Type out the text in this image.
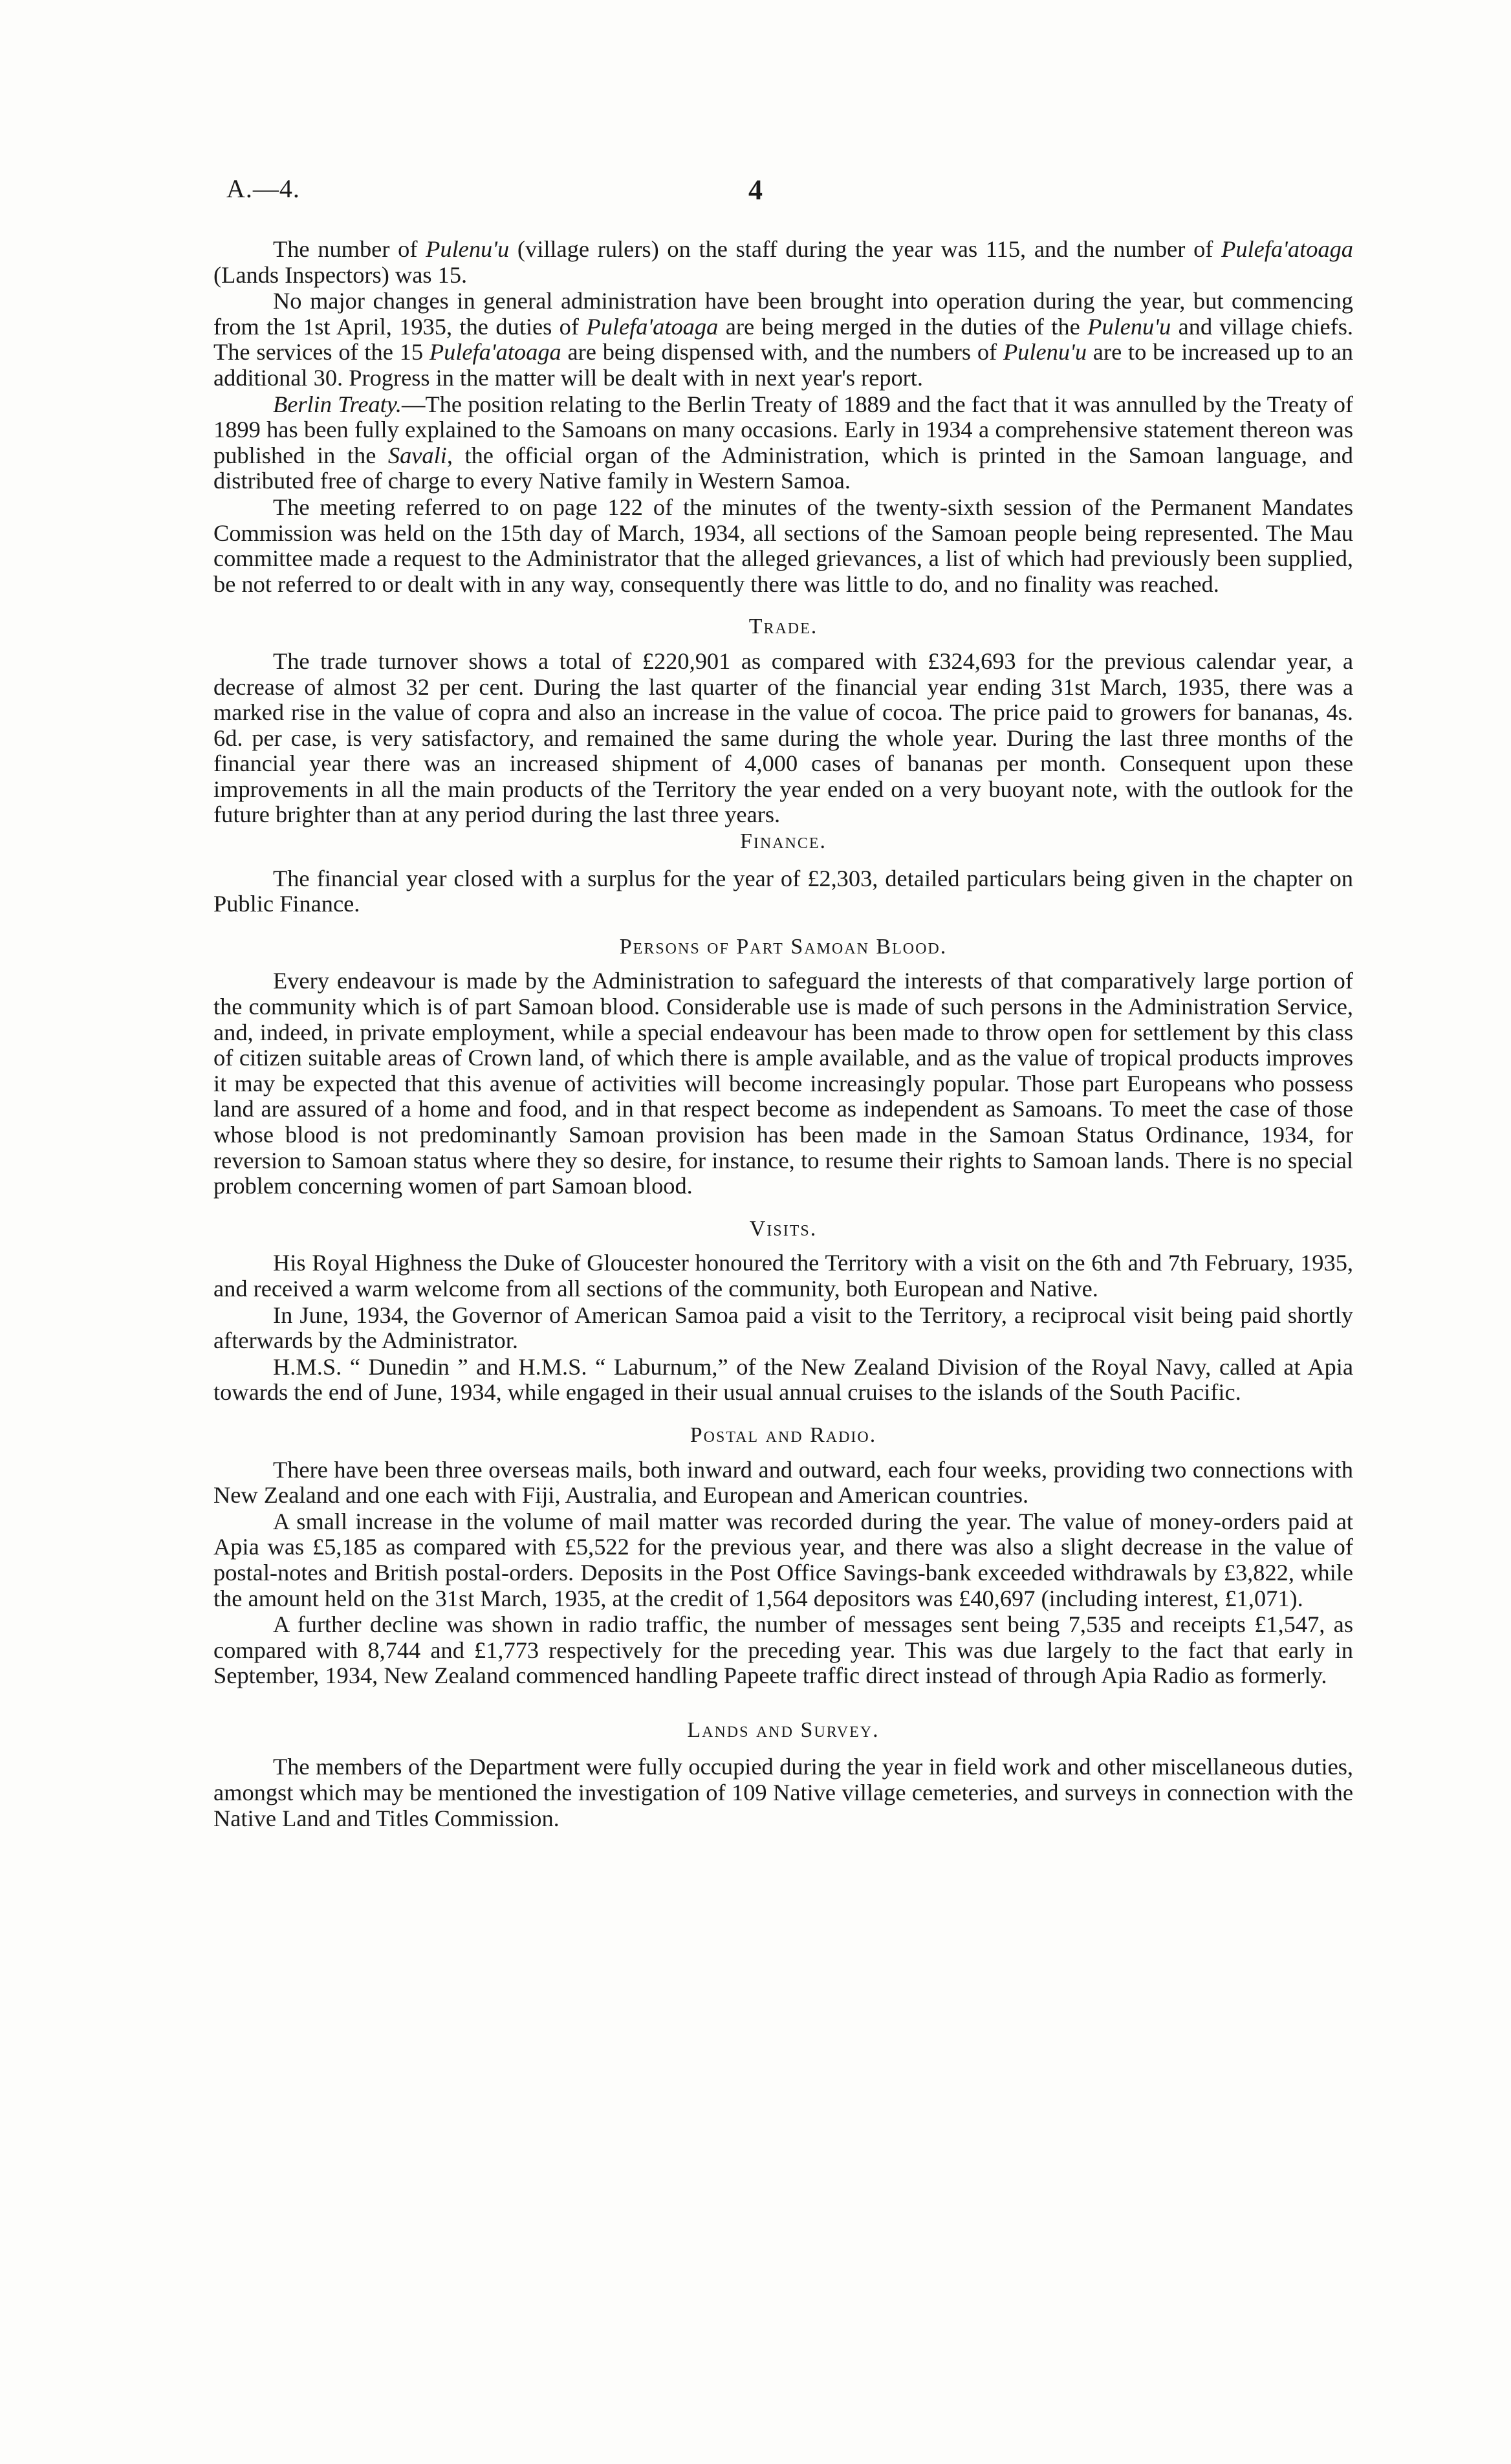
A.—4.	4

The number of Pulenu'u (village rulers) on the staff during the year was 115, and the number of Pulefa'atoaga (Lands Inspectors) was 15.

No major changes in general administration have been brought into operation during the year, but commencing from the 1st April, 1935, the duties of Pulefa'atoaga are being merged in the duties of the Pulenu'u and village chiefs. The services of the 15 Pulefa'atoaga are being dispensed with, and the numbers of Pulenu'u are to be increased up to an additional 30. Progress in the matter will be dealt with in next year's report.

Berlin Treaty.—The position relating to the Berlin Treaty of 1889 and the fact that it was annulled by the Treaty of 1899 has been fully explained to the Samoans on many occasions. Early in 1934 a comprehensive statement thereon was published in the Savali, the official organ of the Administration, which is printed in the Samoan language, and distributed free of charge to every Native family in Western Samoa.

The meeting referred to on page 122 of the minutes of the twenty-sixth session of the Permanent Mandates Commission was held on the 15th day of March, 1934, all sections of the Samoan people being represented. The Mau committee made a request to the Administrator that the alleged grievances, a list of which had previously been supplied, be not referred to or dealt with in any way, consequently there was little to do, and no finality was reached.

Trade.

The trade turnover shows a total of £220,901 as compared with £324,693 for the previous calendar year, a decrease of almost 32 per cent. During the last quarter of the financial year ending 31st March, 1935, there was a marked rise in the value of copra and also an increase in the value of cocoa. The price paid to growers for bananas, 4s. 6d. per case, is very satisfactory, and remained the same during the whole year. During the last three months of the financial year there was an increased shipment of 4,000 cases of bananas per month. Consequent upon these improvements in all the main products of the Territory the year ended on a very buoyant note, with the outlook for the future brighter than at any period during the last three years.

Finance.

The financial year closed with a surplus for the year of £2,303, detailed particulars being given in the chapter on Public Finance.

Persons of Part Samoan Blood.

Every endeavour is made by the Administration to safeguard the interests of that comparatively large portion of the community which is of part Samoan blood. Considerable use is made of such persons in the Administration Service, and, indeed, in private employment, while a special endeavour has been made to throw open for settlement by this class of citizen suitable areas of Crown land, of which there is ample available, and as the value of tropical products improves it may be expected that this avenue of activities will become increasingly popular. Those part Europeans who possess land are assured of a home and food, and in that respect become as independent as Samoans. To meet the case of those whose blood is not predominantly Samoan provision has been made in the Samoan Status Ordinance, 1934, for reversion to Samoan status where they so desire, for instance, to resume their rights to Samoan lands. There is no special problem concerning women of part Samoan blood.

Visits.

His Royal Highness the Duke of Gloucester honoured the Territory with a visit on the 6th and 7th February, 1935, and received a warm welcome from all sections of the community, both European and Native.

In June, 1934, the Governor of American Samoa paid a visit to the Territory, a reciprocal visit being paid shortly afterwards by the Administrator.

H.M.S. “ Dunedin ” and H.M.S. “ Laburnum,” of the New Zealand Division of the Royal Navy, called at Apia towards the end of June, 1934, while engaged in their usual annual cruises to the islands of the South Pacific.

Postal and Radio.

There have been three overseas mails, both inward and outward, each four weeks, providing two connections with New Zealand and one each with Fiji, Australia, and European and American countries.

A small increase in the volume of mail matter was recorded during the year. The value of money-orders paid at Apia was £5,185 as compared with £5,522 for the previous year, and there was also a slight decrease in the value of postal-notes and British postal-orders. Deposits in the Post Office Savings-bank exceeded withdrawals by £3,822, while the amount held on the 31st March, 1935, at the credit of 1,564 depositors was £40,697 (including interest, £1,071).

A further decline was shown in radio traffic, the number of messages sent being 7,535 and receipts £1,547, as compared with 8,744 and £1,773 respectively for the preceding year. This was due largely to the fact that early in September, 1934, New Zealand commenced handling Papeete traffic direct instead of through Apia Radio as formerly.

Lands and Survey.

The members of the Department were fully occupied during the year in field work and other miscellaneous duties, amongst which may be mentioned the investigation of 109 Native village cemeteries, and surveys in connection with the Native Land and Titles Commission.
